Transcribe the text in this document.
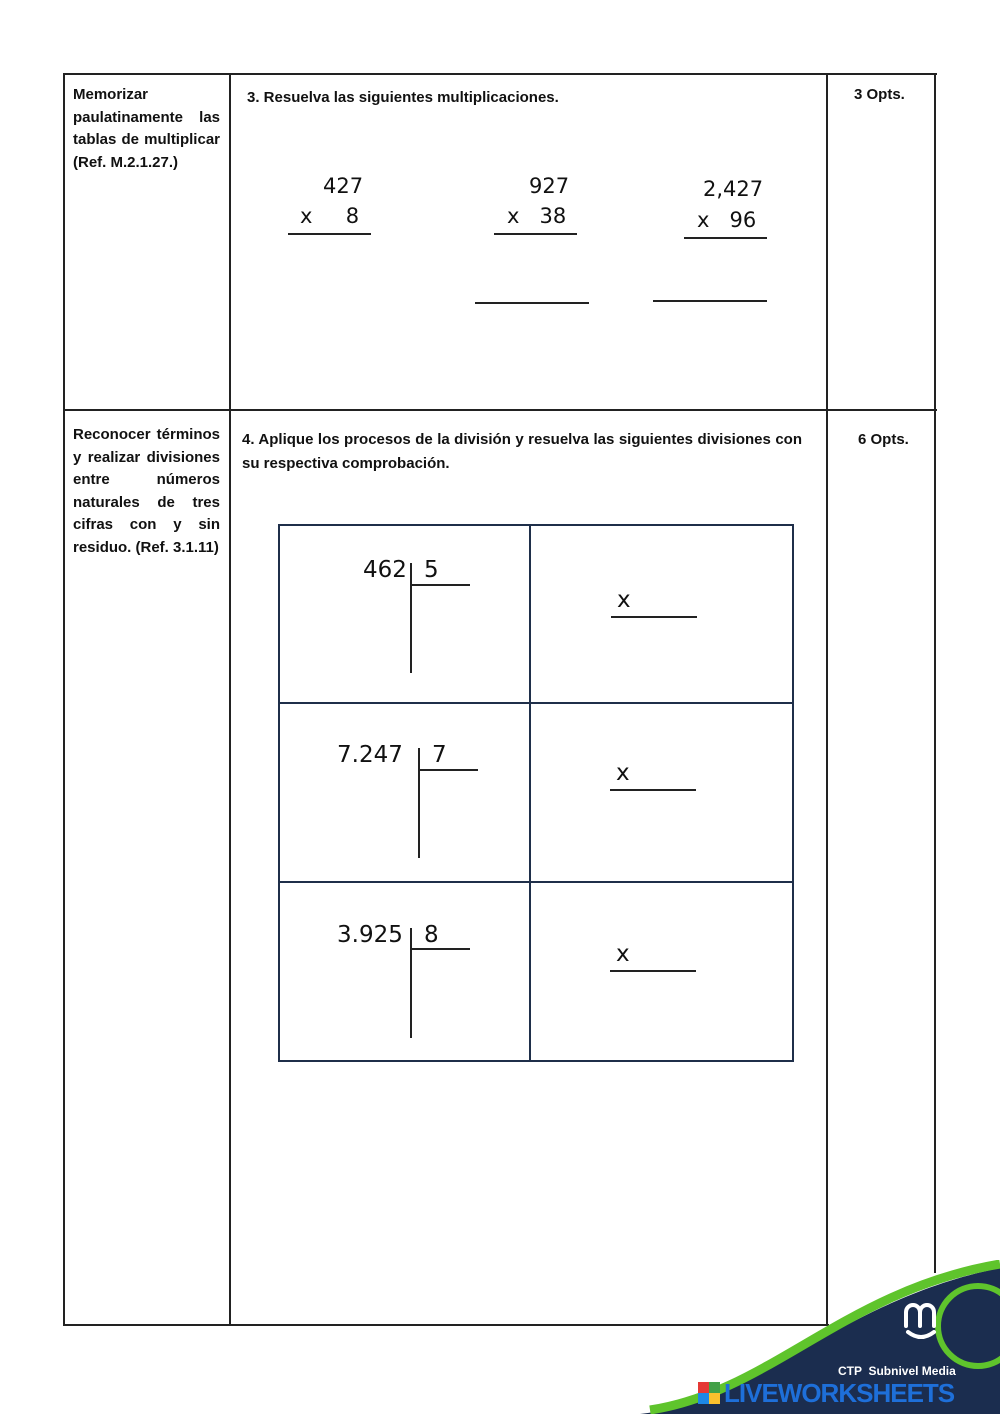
Memorizar paulatinamente las tablas de multiplicar (Ref. M.2.1.27.)
3. Resuelva las siguientes multiplicaciones.	3 Opts.
427
x     8
927
x   38
2,427
x   96
Reconocer términos y realizar divisiones entre números naturales de tres cifras con y sin residuo. (Ref. 3.1.11)
4. Aplique los procesos de la división y resuelva las siguientes divisiones con su respectiva comprobación.
6 Opts.
462 5
x
7.247 7
x
3.925 8
x
CTP  Subnivel Media
LIVEWORKSHEETS
